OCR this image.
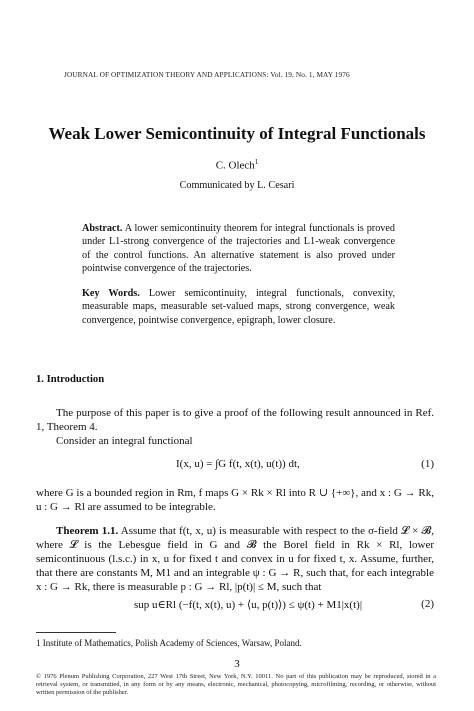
JOURNAL OF OPTIMIZATION THEORY AND APPLICATIONS: Vol. 19, No. 1, MAY 1976
Weak Lower Semicontinuity of Integral Functionals
C. Olech$^1$
Communicated by L. Cesari
Abstract. A lower semicontinuity theorem for integral functionals is proved under L1-strong convergence of the trajectories and L1-weak convergence of the control functions. An alternative statement is also proved under pointwise convergence of the trajectories.
Key Words. Lower semicontinuity, integral functionals, convexity, measurable maps, measurable set-valued maps, strong convergence, weak convergence, pointwise convergence, epigraph, lower closure.
1. Introduction
The purpose of this paper is to give a proof of the following result announced in Ref. 1, Theorem 4.
Consider an integral functional
I(x, u) = ∫G f(t, x(t), u(t)) dt,	(1)
where G is a bounded region in Rm, f maps G × Rk × Rl into R ∪ {+∞}, and x : G → Rk, u : G → Rl are assumed to be integrable.
Theorem 1.1. Assume that f(t, x, u) is measurable with respect to the σ-field 𝓛 × 𝓑, where 𝓛 is the Lebesgue field in G and 𝓑 the Borel field in Rk × Rl, lower semicontinuous (l.s.c.) in x, u for fixed t and convex in u for fixed t, x. Assume, further, that there are constants M, M1 and an integrable ψ : G → R, such that, for each integrable x : G → Rk, there is measurable p : G → Rl, |p(t)| ≤ M, such that
sup u∈Rl (−f(t, x(t), u) + ⟨u, p(t)⟩) ≤ ψ(t) + M1|x(t)|	(2)
1 Institute of Mathematics, Polish Academy of Sciences, Warsaw, Poland.
3
© 1976 Plenum Publishing Corporation, 227 West 17th Street, New York, N.Y. 10011. No part of this publication may be reproduced, stored in a retrieval system, or transmitted, in any form or by any means, electronic, mechanical, photocopying, microfilming, recording, or otherwise, without written permission of the publisher.
